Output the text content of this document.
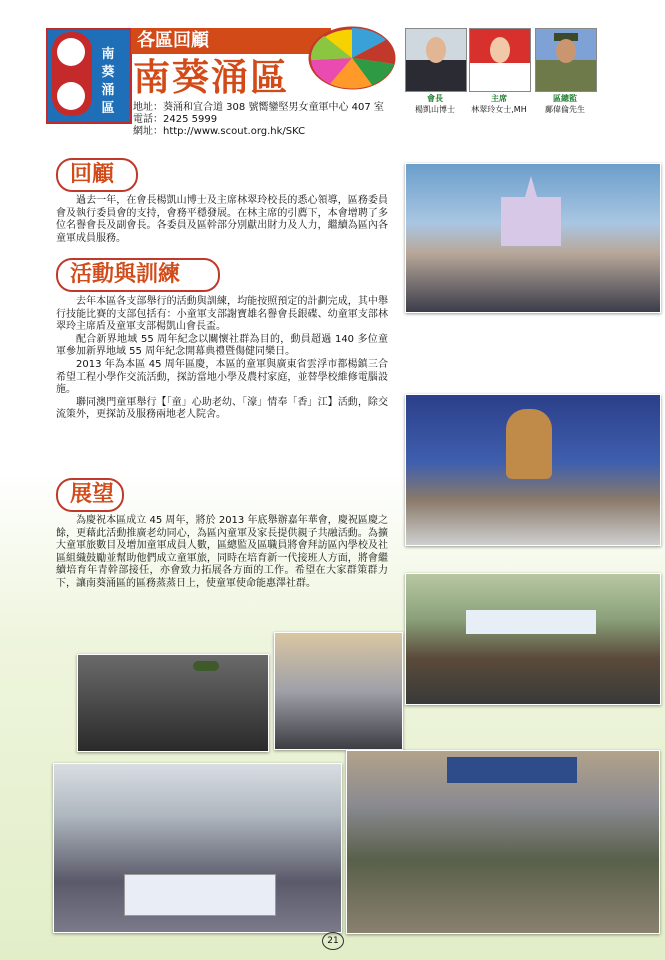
南葵涌區
各區回顧
南葵涌區
地址：葵涌和宜合道 308 號嚮鑾堅男女童軍中心 407 室
電話：2425 5999
網址：http://www.scout.org.hk/SKC
會長
楊凱山博士
主席
林翠玲女士,MH
區總監
鄺偉倫先生
回顧
過去一年，在會長楊凱山博士及主席林翠玲校長的悉心領導，區務委員會及執行委員會的支持，會務平穩發展。在林主席的引薦下，本會增聘了多位名譽會長及副會長。各委員及區幹部分別獻出財力及人力，繼續為區內各童軍成員服務。
活動與訓練
去年本區各支部舉行的活動與訓練，均能按照預定的計劃完成，其中舉行技能比賽的支部包括有：小童軍支部謝寶雄名譽會長銀碟、幼童軍支部林翠玲主席盾及童軍支部楊凱山會長盃。
配合新界地域 55 周年紀念以關懷社群為目的，動員超過 140 多位童軍參加新界地域 55 周年紀念開幕典禮暨傷健同樂日。
2013 年為本區 45 周年區慶，本區的童軍與廣東省雲浮市都楊鎮三合希望工程小學作交流活動，探訪當地小學及農村家庭，並替學校維修電腦設施。
聯同澳門童軍舉行【「童」心助老幼、「濠」情奉「香」江】活動，除交流策外，更探訪及服務兩地老人院舍。
展望
為慶祝本區成立 45 周年，將於 2013 年底舉辦嘉年華會，慶祝區慶之餘，更藉此活動推廣老幼同心，為區內童軍及家長提供親子共融活動。為擴大童軍旅數目及增加童軍成員人數，區總監及區職員將會拜訪區內學校及社區組織鼓勵並幫助他們成立童軍旅，同時在培育新一代接班人方面，將會繼續培育年青幹部接任，亦會致力拓展各方面的工作。希望在大家群策群力下，讓南葵涌區的區務蒸蒸日上，使童軍使命能惠澤社群。
21
